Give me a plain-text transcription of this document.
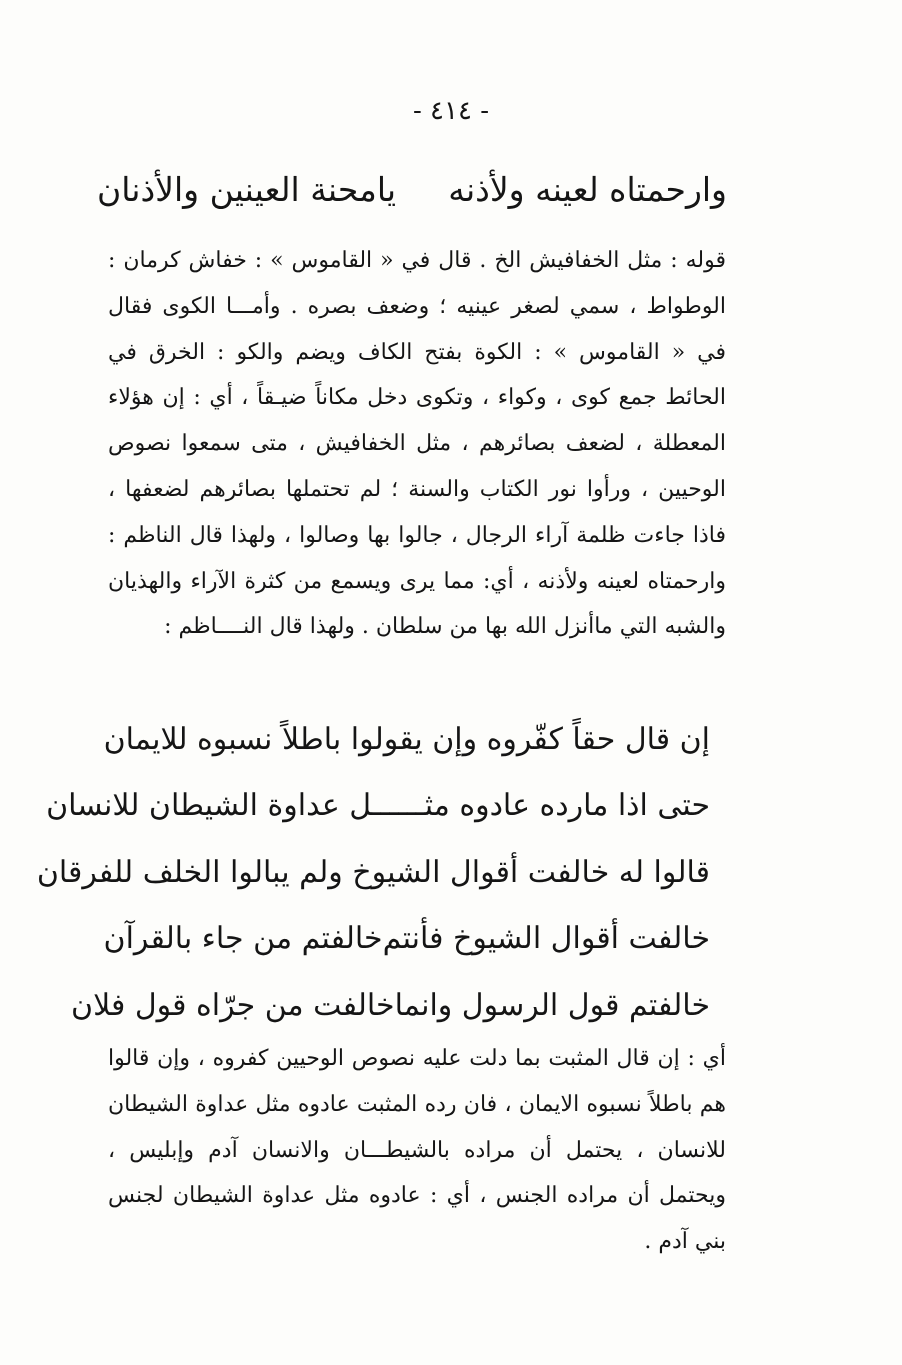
- ٤١٤ -
وارحمتاه لعينه ولأذنه
يامحنة العينين والأذنان

قوله : مثل الخفافيش الخ . قال في « القاموس » : خفاش كرمان : الوطواط ، سمي لصغر عينيه ؛ وضعف بصره . وأمـــا الكوى فقال في « القاموس » : الكوة بفتح الكاف ويضم والكو : الخرق في الحائط جمع كوى ، وكواء ، وتكوى دخل مكاناً ضيـقاً ، أي : إن هؤلاء المعطلة ، لضعف بصائرهم ، مثل الخفافيش ، متى سمعوا نصوص الوحيين ، ورأوا نور الكتاب والسنة ؛ لم تحتملها بصائرهم لضعفها ، فاذا جاءت ظلمة آراء الرجال ، جالوا بها وصالوا ، ولهذا قال الناظم : وارحمتاه لعينه ولأذنه ، أي: مما يرى ويسمع من كثرة الآراء والهذيان والشبه التي ماأنزل الله بها من سلطان . ولهذا قال النــــاظم :

إن قال حقاً كفّروه وإن يقو
لوا باطلاً نسبوه للايمان
حتى اذا مارده عادوه مثـــ
ـــل عداوة الشيطان للانسان
قالوا له خالفت أقوال الشيو
خ ولم يبالوا الخلف للفرقان
خالفت أقوال الشيوخ فأنتم
خالفتم من جاء بالقرآن
خالفتم قول الرسول وانما
خالفت من جرّاه قول فلان

أي : إن قال المثبت بما دلت عليه نصوص الوحيين كفروه ، وإن قالوا هم باطلاً نسبوه الايمان ، فان رده المثبت عادوه مثل عداوة الشيطان للانسان ، يحتمل أن مراده بالشيطـــان والانسان آدم وإبليس ، ويحتمل أن مراده الجنس ، أي : عادوه مثل عداوة الشيطان لجنس بني آدم .
